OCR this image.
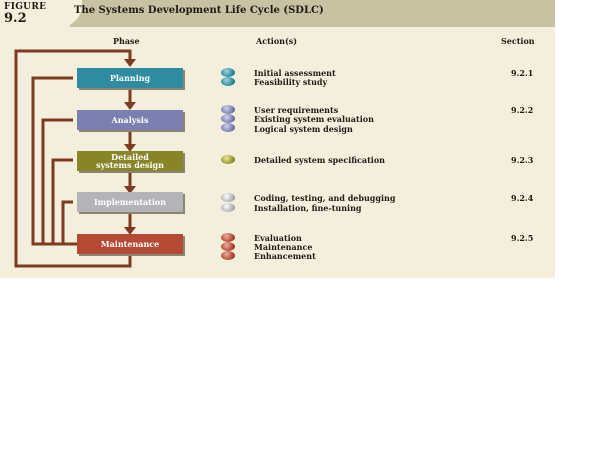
FIGURE
9.2
The Systems Development Life Cycle (SDLC)
Phase	Action(s)	Section
Planning
Analysis
Detailed
systems design
Implementation
Maintenance
Initial assessment
Feasibility study
User requirements
Existing system evaluation
Logical system design
Detailed system specification
Coding, testing, and debugging
Installation, fine-tuning
Evaluation
Maintenance
Enhancement
9.2.1
9.2.2
9.2.3
9.2.4
9.2.5
